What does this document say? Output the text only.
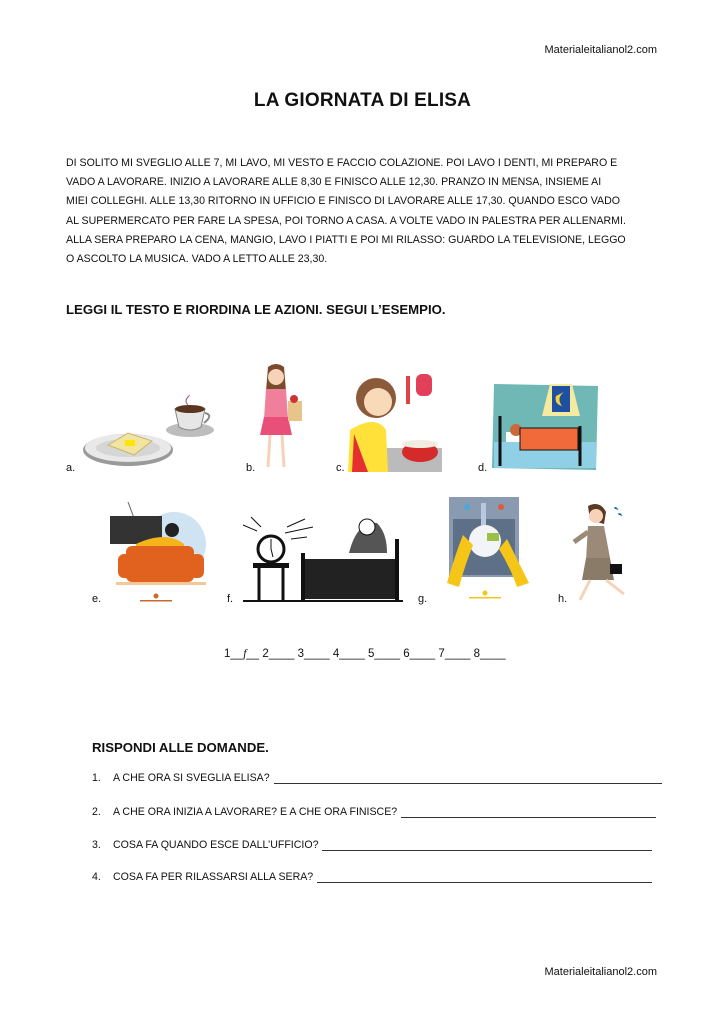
Materialeitalianol2.com
LA GIORNATA DI ELISA
DI SOLITO MI SVEGLIO ALLE 7, MI LAVO, MI VESTO E FACCIO COLAZIONE. POI LAVO I DENTI, MI PREPARO E
VADO A LAVORARE. INIZIO A LAVORARE ALLE 8,30 E FINISCO ALLE 12,30. PRANZO IN MENSA, INSIEME AI
MIEI COLLEGHI. ALLE 13,30 RITORNO IN UFFICIO E FINISCO DI LAVORARE ALLE 17,30. QUANDO ESCO VADO
AL SUPERMERCATO PER FARE LA SPESA, POI TORNO A CASA. A VOLTE VADO IN PALESTRA PER ALLENARMI.
ALLA SERA PREPARO LA CENA, MANGIO, LAVO I PIATTI E POI MI RILASSO: GUARDO LA TELEVISIONE, LEGGO
O ASCOLTO LA MUSICA. VADO A LETTO ALLE 23,30.
LEGGI IL TESTO E RIORDINA LE AZIONI. SEGUI L’ESEMPIO.
a.	b.	c.	d.
e.	f.	g.	h.
1__f__ 2____ 3____ 4____ 5____ 6____ 7____ 8____
RISPONDI ALLE DOMANDE.
1.	A CHE ORA SI SVEGLIA ELISA?
2.	A CHE ORA INIZIA A LAVORARE? E A CHE ORA FINISCE?
3.	COSA FA QUANDO ESCE DALL’UFFICIO?
4.	COSA FA PER RILASSARSI ALLA SERA?
Materialeitalianol2.com
